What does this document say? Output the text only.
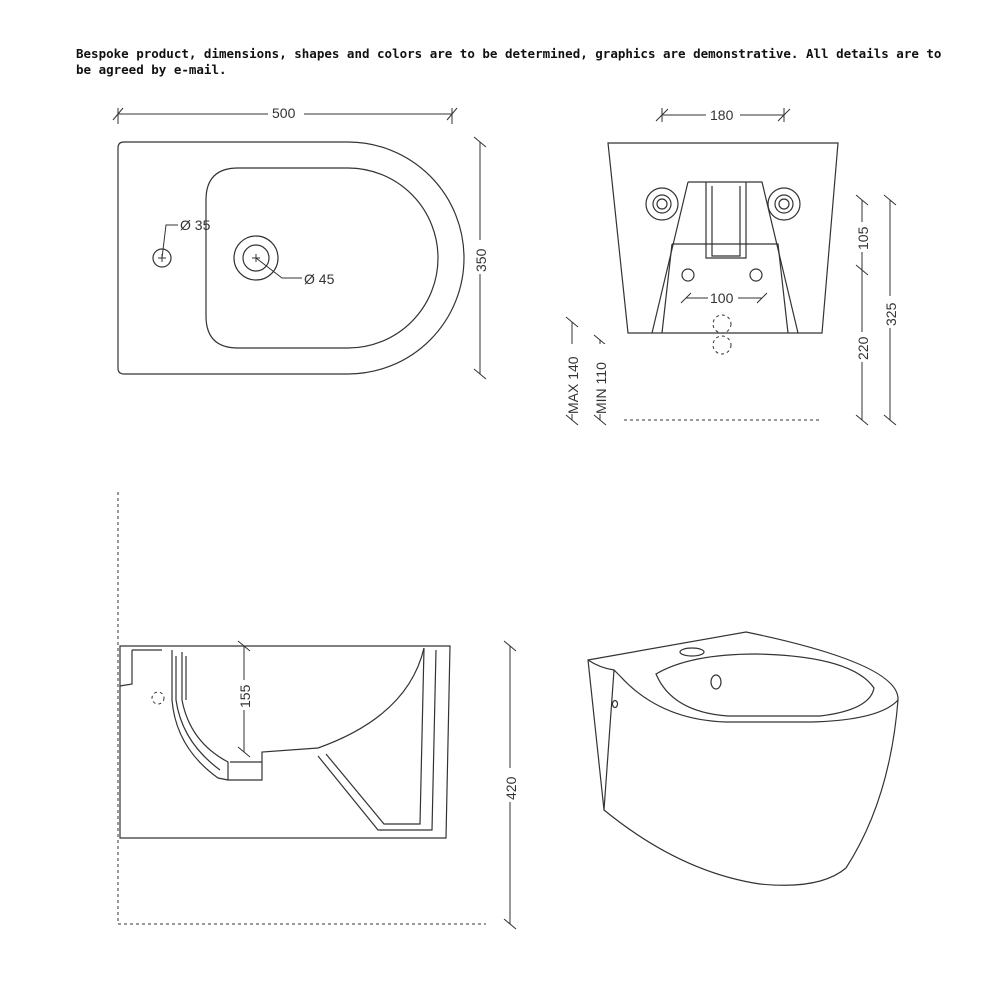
Bespoke product, dimensions, shapes and colors are to be determined, graphics are demonstrative. All details are to be agreed by e-mail.
Ø 35
Ø 45
500
350
100
180
105
220
325
MAX 140 MIN 110
155
420
